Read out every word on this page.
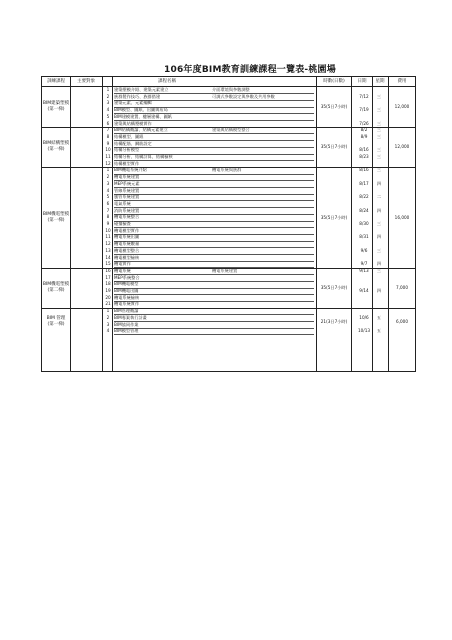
106年度BIM教育訓練課程一覽表-桃園場
訓練課程	主要對象	課程名稱	時數(日數)	日期	星期	費用
BIM建築塑模
(第一梯)
1	建築塑模介紹、建築元素建立	介面環境與參數調整
2	族群製作技巧、族群搭建	可調式參數設定與參數及共用參數	7/12	三
3	建築元素、元素編輯
4	BIM模型、圖紙、出圖與布局	7/19	三
5	BIM建模建置、樓層建構、圖紙
6	建築與結構塑模實作	7/26	三
35(5日7小時)	12,000
BIM結構塑模
(第一梯)
7	BIM結構概論、結構元素建立	建築與結構模型整合	8/2	三
8	結構模型、圖紙	8/9	三
9	結構配筋、鋼筋設定
10 結構分析模型	8/16	三
11 結構分析、結構計算、結構檢核	8/23	三
12 結構模型實作
35(5日7小時)	12,000
BIM機電塑模
(第一梯)
1	BIM機電系統介紹	機電系統與族群	8/16	三
2	機電系統建置
3	MEP系統元素	8/17	四
4	管線系統建置
5	風管系統建置	8/22	二
6	電氣系統
7	消防系統建置	8/24	四
8	機電系統整合
9	碰撞檢查	8/30	三
10 機電模型實作
11 機電系統出圖	8/31	四
12 機電系統數量
13 機電模型整合	9/6	三
14 機電模型檢核
15 機電實作	9/7	四
35(5日7小時)	16,000
BIM機電塑模
(第二梯)
16 機電系統	機電系統建置	9/13	三
17 MEP系統整合
18 BIM機電模型
19 BIM機電出圖	9/14	四
20 機電系統檢核
21 機電系統實作
35(5日7小時)	7,000
BIM 管理
(第一梯)
1	BIM管理概論
2	BIM專案執行計畫	10/6	五
3	BIM協同作業
4	BIM模型管理	10/13	五
21(3日7小時)	6,000
